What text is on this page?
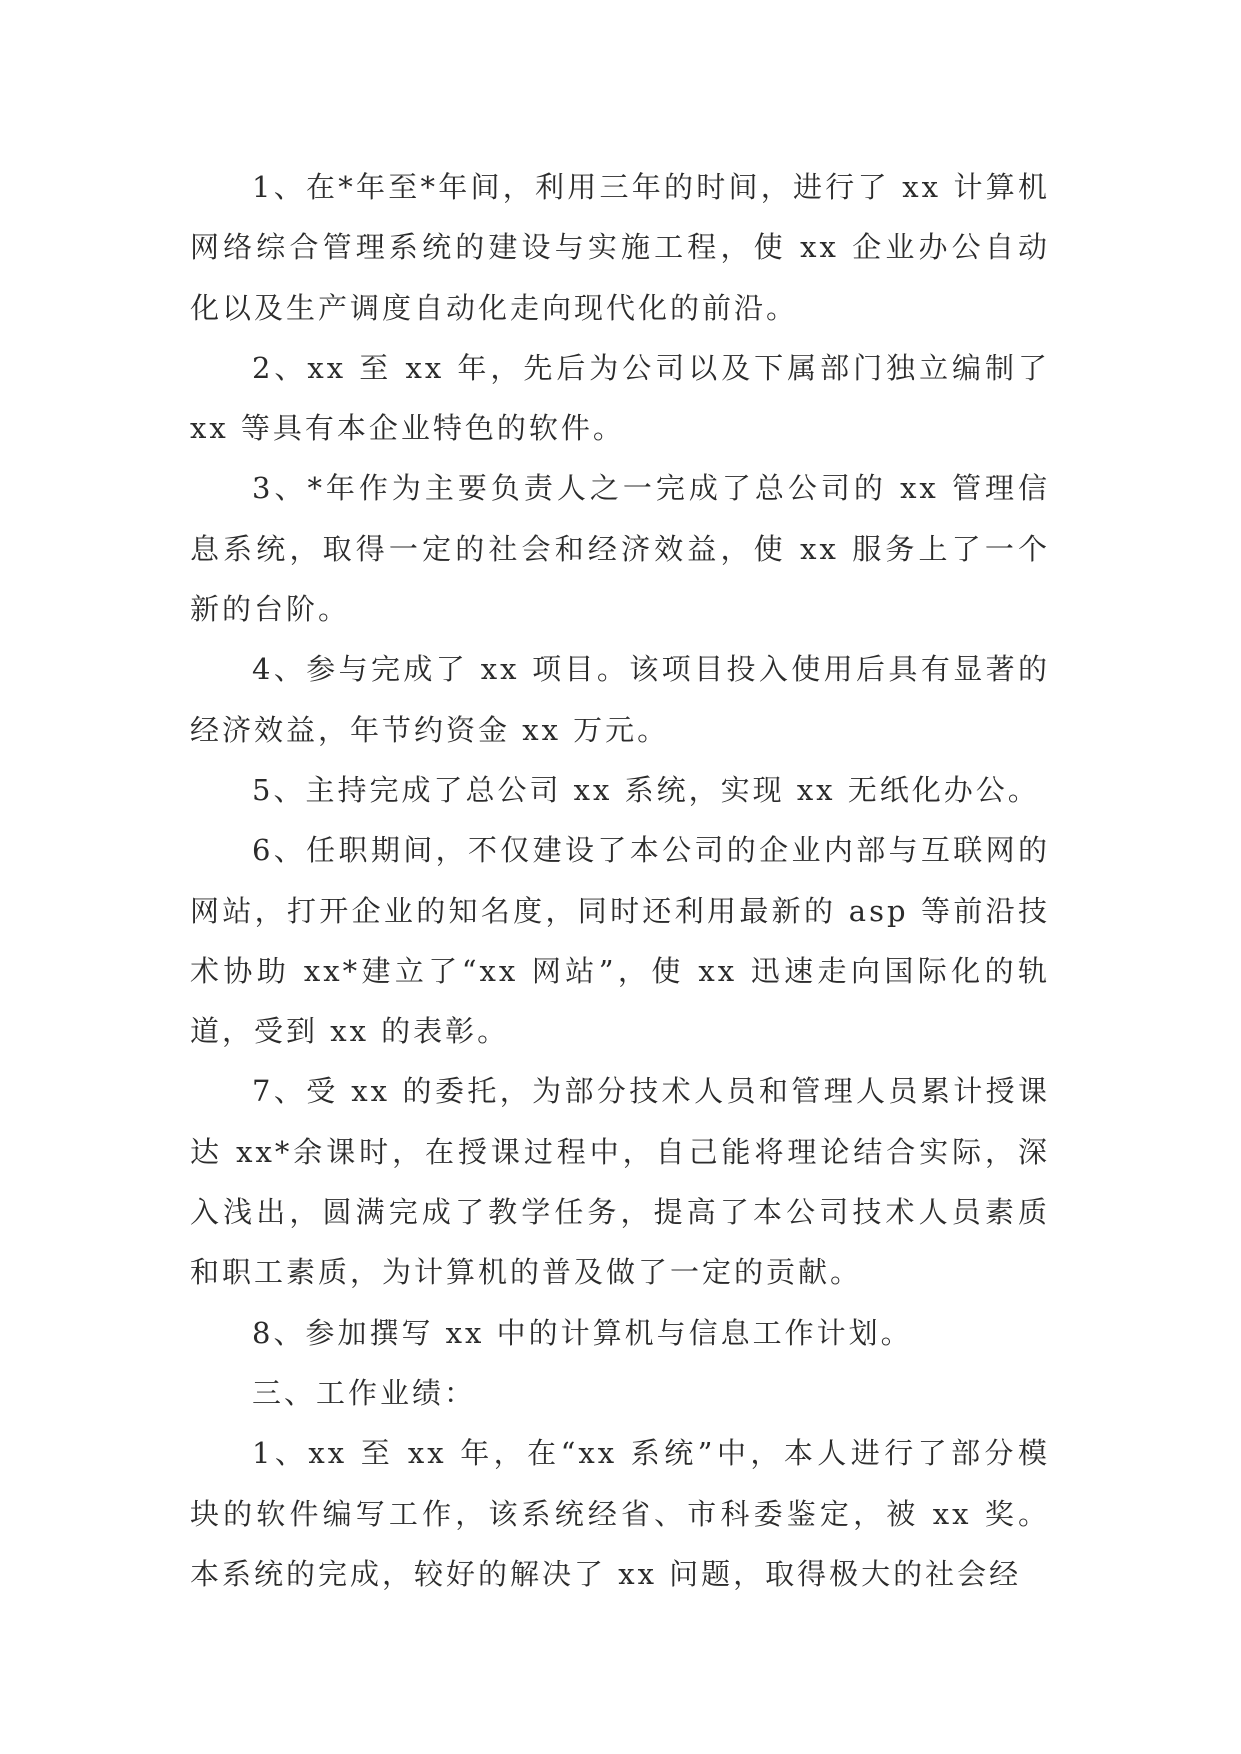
1、在*年至*年间，利用三年的时间，进行了 xx 计算机网络综合管理系统的建设与实施工程，使 xx 企业办公自动化以及生产调度自动化走向现代化的前沿。

2、xx 至 xx 年，先后为公司以及下属部门独立编制了 xx 等具有本企业特色的软件。

3、*年作为主要负责人之一完成了总公司的 xx 管理信息系统，取得一定的社会和经济效益，使 xx 服务上了一个新的台阶。

4、参与完成了 xx 项目。该项目投入使用后具有显著的经济效益，年节约资金 xx 万元。

5、主持完成了总公司 xx 系统，实现 xx 无纸化办公。

6、任职期间，不仅建设了本公司的企业内部与互联网的网站，打开企业的知名度，同时还利用最新的 asp 等前沿技术协助 xx*建立了“xx 网站”，使 xx 迅速走向国际化的轨道，受到 xx 的表彰。

7、受 xx 的委托，为部分技术人员和管理人员累计授课达 xx*余课时，在授课过程中，自己能将理论结合实际，深入浅出，圆满完成了教学任务，提高了本公司技术人员素质和职工素质，为计算机的普及做了一定的贡献。

8、参加撰写 xx 中的计算机与信息工作计划。

三、工作业绩：

1、xx 至 xx 年，在“xx 系统”中，本人进行了部分模块的软件编写工作，该系统经省、市科委鉴定，被 xx 奖。本系统的完成，较好的解决了 xx 问题，取得极大的社会经
